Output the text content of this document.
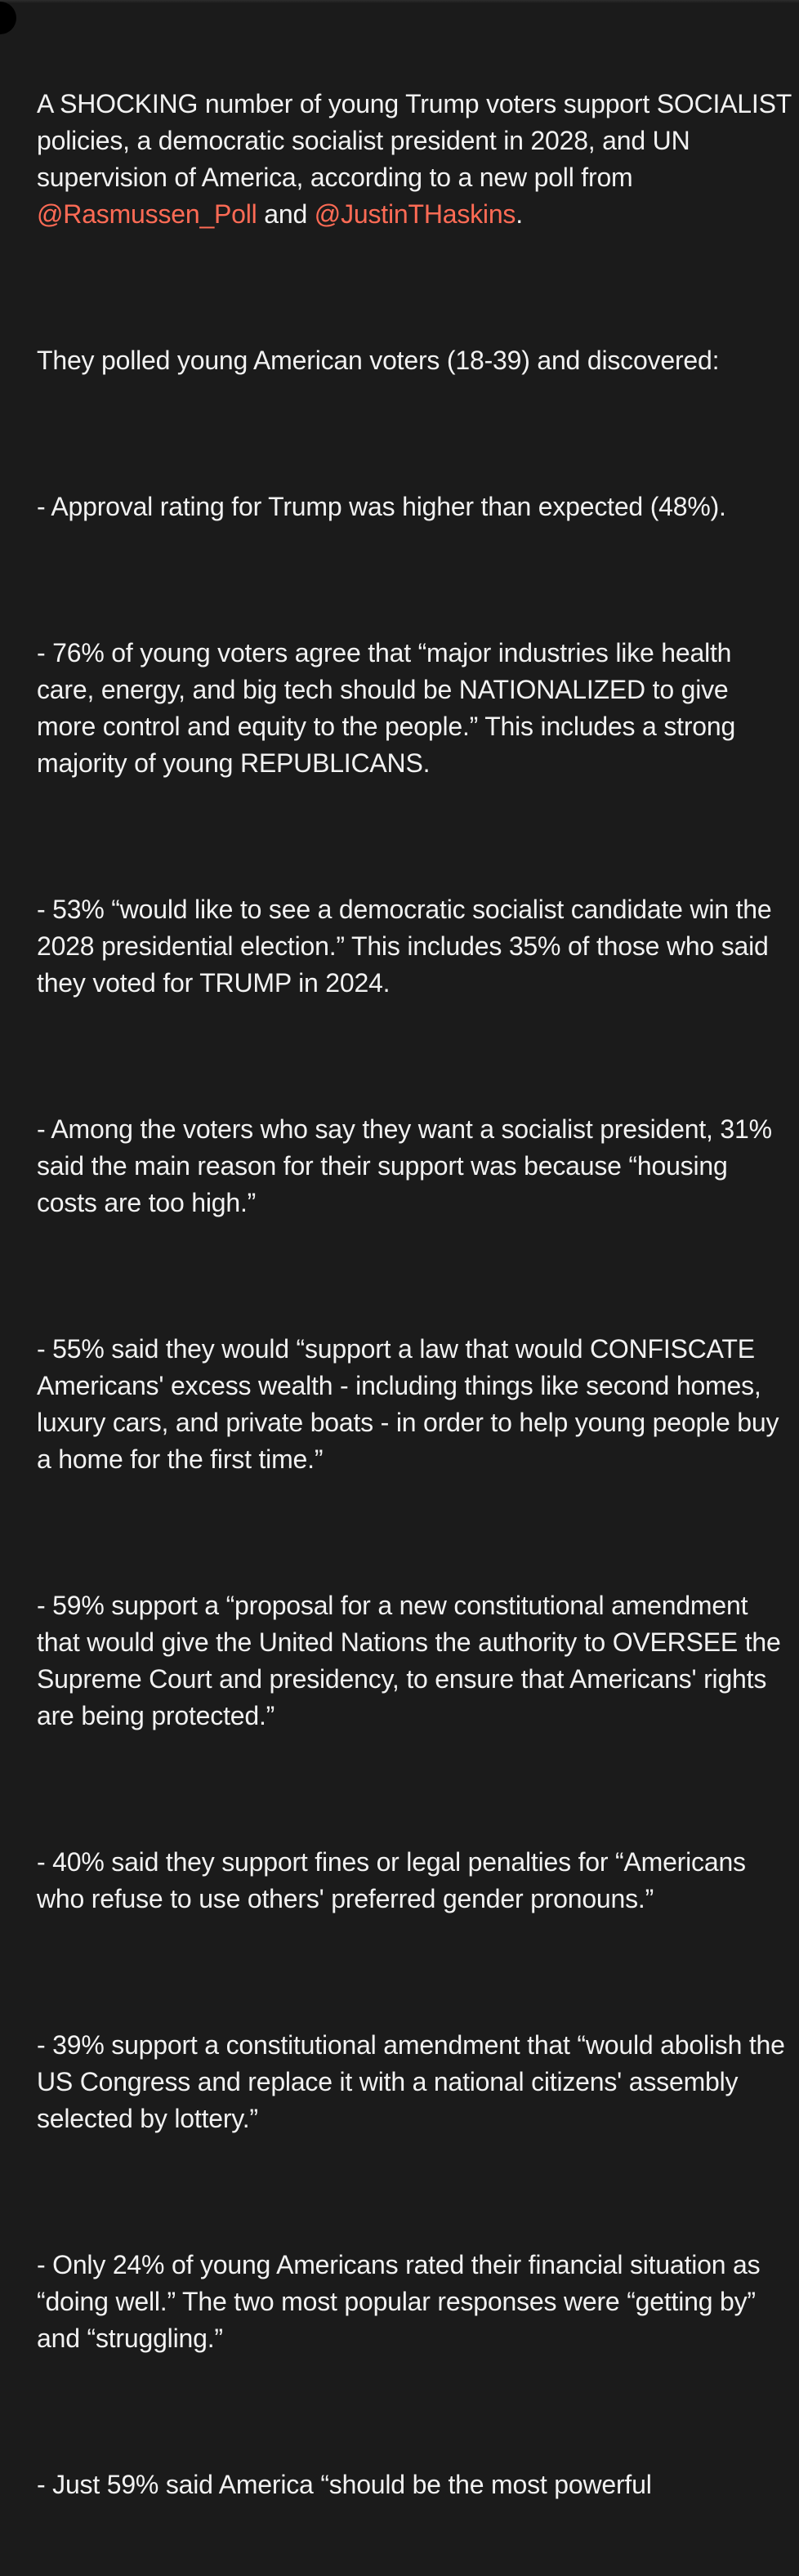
A SHOCKING number of young Trump voters support SOCIALIST policies, a democratic socialist president in 2028, and UN supervision of America, according to a new poll from @Rasmussen_Poll and @JustinTHaskins.

They polled young American voters (18-39) and discovered:

- Approval rating for Trump was higher than expected (48%).

- 76% of young voters agree that “major industries like health care, energy, and big tech should be NATIONALIZED to give more control and equity to the people.” This includes a strong majority of young REPUBLICANS.

- 53% “would like to see a democratic socialist candidate win the 2028 presidential election.” This includes 35% of those who said they voted for TRUMP in 2024.

- Among the voters who say they want a socialist president, 31% said the main reason for their support was because “housing costs are too high.”

- 55% said they would “support a law that would CONFISCATE Americans' excess wealth - including things like second homes, luxury cars, and private boats - in order to help young people buy a home for the first time.”

- 59% support a “proposal for a new constitutional amendment that would give the United Nations the authority to OVERSEE the Supreme Court and presidency, to ensure that Americans' rights are being protected.”

- 40% said they support fines or legal penalties for “Americans who refuse to use others' preferred gender pronouns.”

- 39% support a constitutional amendment that “would abolish the US Congress and replace it with a national citizens' assembly selected by lottery.”

- Only 24% of young Americans rated their financial situation as “doing well.” The two most popular responses were “getting by” and “struggling.”

- Just 59% said America “should be the most powerful
